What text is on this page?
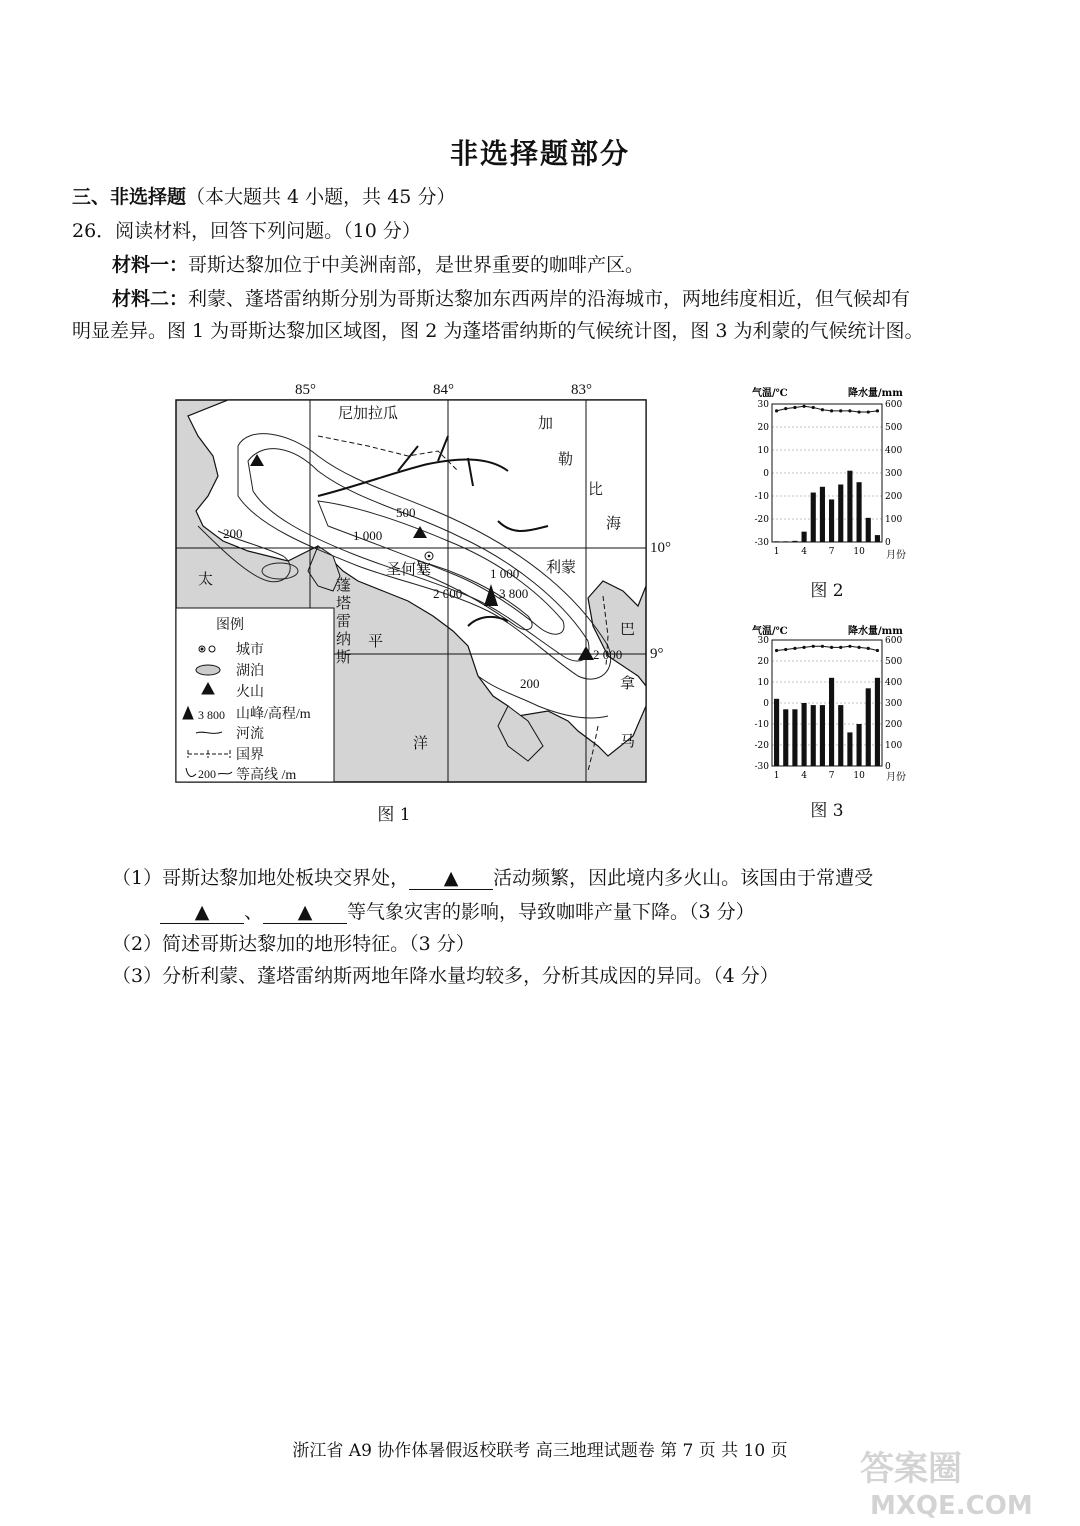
非选择题部分
三、非选择题（本大题共 4 小题，共 45 分）
26．阅读材料，回答下列问题。（10 分）
材料一：哥斯达黎加位于中美洲南部，是世界重要的咖啡产区。
材料二：利蒙、蓬塔雷纳斯分别为哥斯达黎加东西两岸的沿海城市，两地纬度相近，但气候却有
明显差异。图 1 为哥斯达黎加区域图，图 2 为蓬塔雷纳斯的气候统计图，图 3 为利蒙的气候统计图。
85°	84°	83°
10°
9°
尼加拉瓜
加
勒
比
海
太
平
洋
巴
拿
马
圣何塞	利蒙
蓬
塔
雷
纳
斯
500
1 000
1 000
2 000
2 000
200
200
3 800
图例
城市
湖泊
火山
3 800 山峰/高程/m
河流
国界
200 等高线 /m
图 1
气温/℃	降水量/mm
30
20
10
0
-10
-20
-30
600
500
400
300
200
100
0
1 4 7 10 月份
图 2
气温/℃	降水量/mm
30
20
10
0
-10
-20
-30
600
500
400
300
200
100
0
1 4 7 10 月份
图 3
（1）哥斯达黎加地处板块交界处， ▲ 活动频繁，因此境内多火山。该国由于常遭受
▲ 、 ▲ 等气象灾害的影响，导致咖啡产量下降。（3 分）
（2）简述哥斯达黎加的地形特征。（3 分）
（3）分析利蒙、蓬塔雷纳斯两地年降水量均较多，分析其成因的异同。（4 分）
浙江省 A9 协作体暑假返校联考 高三地理试题卷 第 7 页 共 10 页	答案圈
MXQE.COM
